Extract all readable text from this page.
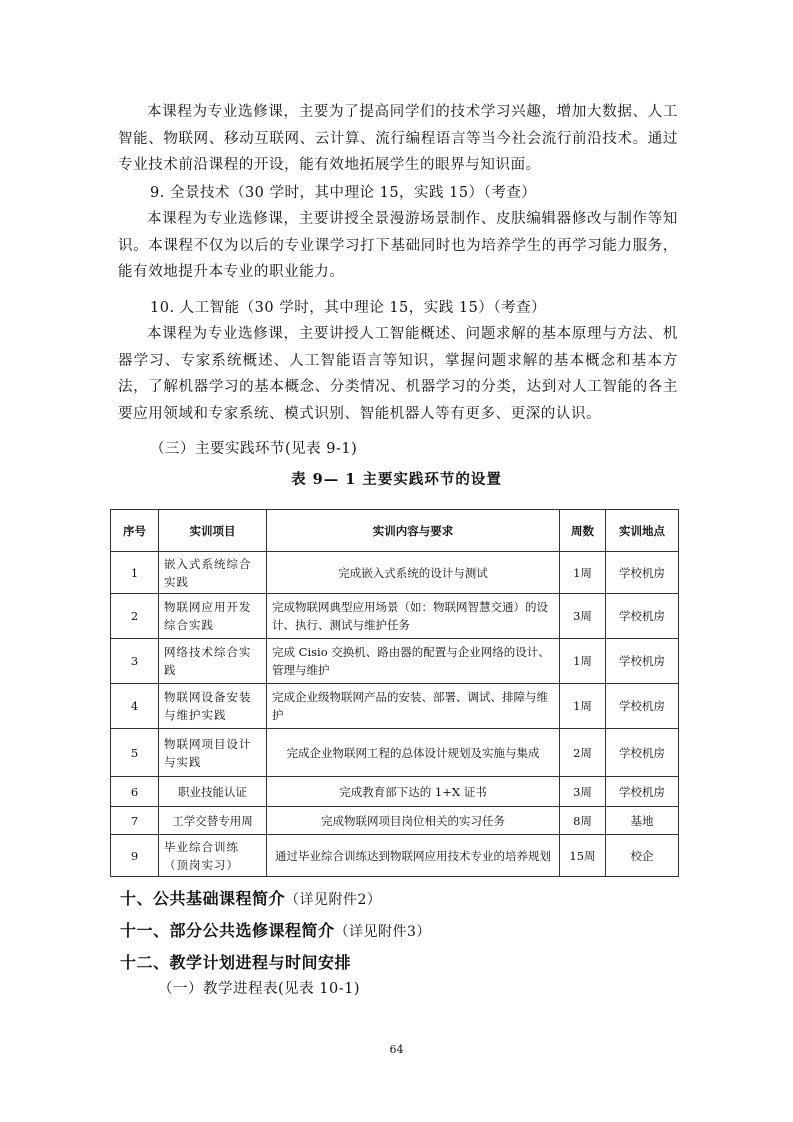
本课程为专业选修课，主要为了提高同学们的技术学习兴趣，增加大数据、人工智能、物联网、移动互联网、云计算、流行编程语言等当今社会流行前沿技术。通过专业技术前沿课程的开设，能有效地拓展学生的眼界与知识面。

9. 全景技术（30 学时，其中理论 15，实践 15）（考查）

本课程为专业选修课，主要讲授全景漫游场景制作、皮肤编辑器修改与制作等知识。本课程不仅为以后的专业课学习打下基础同时也为培养学生的再学习能力服务，能有效地提升本专业的职业能力。

10. 人工智能（30 学时，其中理论 15，实践 15）（考查）

本课程为专业选修课，主要讲授人工智能概述、问题求解的基本原理与方法、机器学习、专家系统概述、人工智能语言等知识，掌握问题求解的基本概念和基本方法，了解机器学习的基本概念、分类情况、机器学习的分类，达到对人工智能的各主要应用领域和专家系统、模式识别、智能机器人等有更多、更深的认识。

（三）主要实践环节(见表 9-1)

表 9— 1 主要实践环节的设置

序号	实训项目	实训内容与要求	周数	实训地点
1	嵌入式系统综合实践	完成嵌入式系统的设计与测试	1周	学校机房
2	物联网应用开发综合实践	完成物联网典型应用场景（如：物联网智慧交通）的设计、执行、测试与维护任务	3周	学校机房
3	网络技术综合实践	完成 Cisio 交换机、路由器的配置与企业网络的设计、管理与维护	1周	学校机房
4	物联网设备安装与维护实践	完成企业级物联网产品的安装、部署、调试、排障与维护	1周	学校机房
5	物联网项目设计与实践	完成企业物联网工程的总体设计规划及实施与集成	2周	学校机房
6	职业技能认证	完成教育部下达的 1+X 证书	3周	学校机房
7	工学交替专用周	完成物联网项目岗位相关的实习任务	8周	基地
9	毕业综合训练（顶岗实习）	通过毕业综合训练达到物联网应用技术专业的培养规划	15周	校企

十、公共基础课程简介（详见附件2）

十一、部分公共选修课程简介（详见附件3）

十二、教学计划进程与时间安排

（一）教学进程表(见表 10-1)

64
